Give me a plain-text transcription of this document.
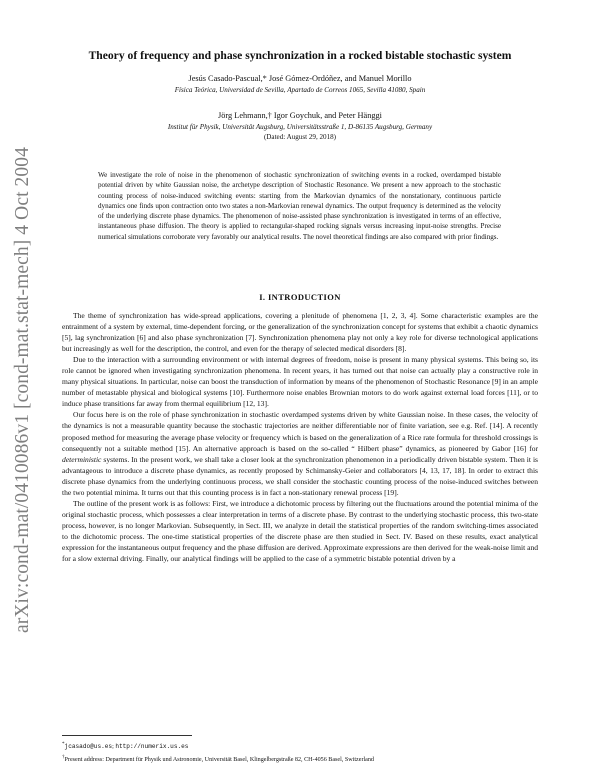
arXiv:cond-mat/0410086v1 [cond-mat.stat-mech] 4 Oct 2004
Theory of frequency and phase synchronization in a rocked bistable stochastic system
Jesús Casado-Pascual,* José Gómez-Ordóñez, and Manuel Morillo
Física Teórica, Universidad de Sevilla, Apartado de Correos 1065, Sevilla 41080, Spain
Jörg Lehmann,† Igor Goychuk, and Peter Hänggi
Institut für Physik, Universität Augsburg, Universitätsstraße 1, D-86135 Augsburg, Germany
(Dated: August 29, 2018)

We investigate the role of noise in the phenomenon of stochastic synchronization of switching events in a rocked, overdamped bistable potential driven by white Gaussian noise, the archetype description of Stochastic Resonance. We present a new approach to the stochastic counting process of noise-induced switching events: starting from the Markovian dynamics of the nonstationary, continuous particle dynamics one finds upon contraction onto two states a non-Markovian renewal dynamics. The output frequency is determined as the velocity of the underlying discrete phase dynamics. The phenomenon of noise-assisted phase synchronization is investigated in terms of an effective, instantaneous phase diffusion. The theory is applied to rectangular-shaped rocking signals versus increasing input-noise strengths. Precise numerical simulations corroborate very favorably our analytical results. The novel theoretical findings are also compared with prior findings.

I. INTRODUCTION

The theme of synchronization has wide-spread applications, covering a plenitude of phenomena [1, 2, 3, 4]. Some characteristic examples are the entrainment of a system by external, time-dependent forcing, or the generalization of the synchronization concept for systems that exhibit a chaotic dynamics [5], lag synchronization [6] and also phase synchronization [7]. Synchronization phenomena play not only a key role for diverse technological applications but increasingly as well for the description, the control, and even for the therapy of selected medical disorders [8].

Due to the interaction with a surrounding environment or with internal degrees of freedom, noise is present in many physical systems. This being so, its role cannot be ignored when investigating synchronization phenomena. In recent years, it has turned out that noise can actually play a constructive role in many physical situations. In particular, noise can boost the transduction of information by means of the phenomenon of Stochastic Resonance [9] in an ample number of metastable physical and biological systems [10]. Furthermore noise enables Brownian motors to do work against external load forces [11], or to induce phase transitions far away from thermal equilibrium [12, 13].

Our focus here is on the role of phase synchronization in stochastic overdamped systems driven by white Gaussian noise. In these cases, the velocity of the dynamics is not a measurable quantity because the stochastic trajectories are neither differentiable nor of finite variation, see e.g. Ref. [14]. A recently proposed method for measuring the average phase velocity or frequency which is based on the generalization of a Rice rate formula for threshold crossings is consequently not a suitable method [15]. An alternative approach is based on the so-called “ Hilbert phase” dynamics, as pioneered by Gabor [16] for deterministic systems. In the present work, we shall take a closer look at the synchronization phenomenon in a periodically driven bistable system. Then it is advantageous to introduce a discrete phase dynamics, as recently proposed by Schimansky-Geier and collaborators [4, 13, 17, 18]. In order to extract this discrete phase dynamics from the underlying continuous process, we shall consider the stochastic counting process of the noise-induced switches between the two potential minima. It turns out that this counting process is in fact a non-stationary renewal process [19].

The outline of the present work is as follows: First, we introduce a dichotomic process by filtering out the fluctuations around the potential minima of the original stochastic process, which possesses a clear interpretation in terms of a discrete phase. By contrast to the underlying stochastic process, this two-state process, however, is no longer Markovian. Subsequently, in Sect. III, we analyze in detail the statistical properties of the random switching-times associated to the dichotomic process. The one-time statistical properties of the discrete phase are then studied in Sect. IV. Based on these results, exact analytical expression for the instantaneous output frequency and the phase diffusion are derived. Approximate expressions are then derived for the weak-noise limit and for a slow external driving. Finally, our analytical findings will be applied to the case of a symmetric bistable potential driven by a

*jcasado@us.es; http://numerix.us.es
†Present address: Department für Physik und Astronomie, Universität Basel, Klingelbergstraße 82, CH-4056 Basel, Switzerland
